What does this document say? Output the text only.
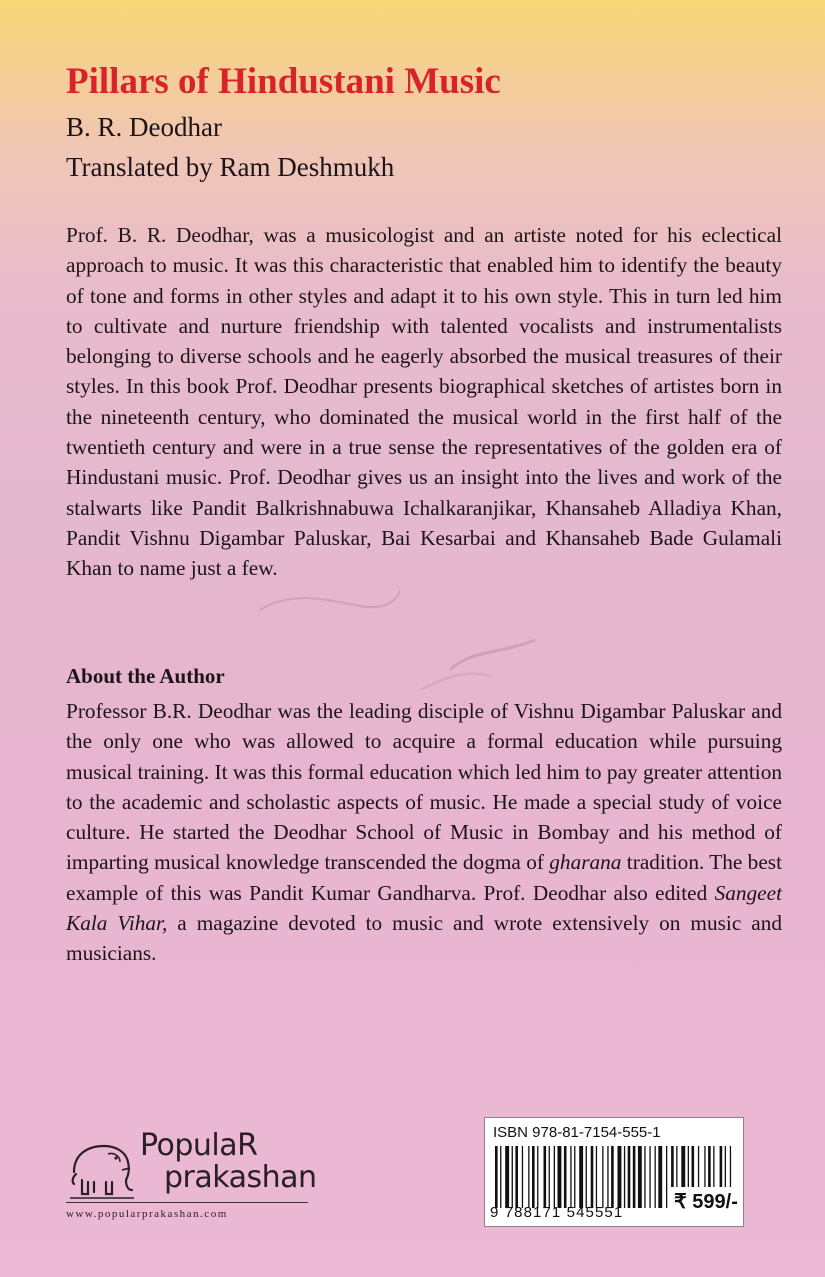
Pillars of Hindustani Music
B. R. Deodhar
Translated by Ram Deshmukh

Prof. B. R. Deodhar, was a musicologist and an artiste noted for his eclectical approach to music. It was this characteristic that enabled him to identify the beauty of tone and forms in other styles and adapt it to his own style. This in turn led him to cultivate and nurture friendship with talented vocalists and instrumentalists belonging to diverse schools and he eagerly absorbed the musical treasures of their styles. In this book Prof. Deodhar presents biographical sketches of artistes born in the nineteenth century, who dominated the musical world in the first half of the twentieth century and were in a true sense the representatives of the golden era of Hindustani music. Prof. Deodhar gives us an insight into the lives and work of the stalwarts like Pandit Balkrishnabuwa Ichalkaranjikar, Khansaheb Alladiya Khan, Pandit Vishnu Digambar Paluskar, Bai Kesarbai and Khansaheb Bade Gulamali Khan to name just a few.

About the Author

Professor B.R. Deodhar was the leading disciple of Vishnu Digambar Paluskar and the only one who was allowed to acquire a formal education while pursuing musical training. It was this formal education which led him to pay greater attention to the academic and scholastic aspects of music. He made a special study of voice culture. He started the Deodhar School of Music in Bombay and his method of imparting musical knowledge transcended the dogma of gharana tradition. The best example of this was Pandit Kumar Gandharva. Prof. Deodhar also edited Sangeet Kala Vihar, a magazine devoted to music and wrote extensively on music and musicians.

PopulaR
prakashan
www.popularprakashan.com
ISBN 978-81-7154-555-1
9 788171 545551	₹ 599/-
